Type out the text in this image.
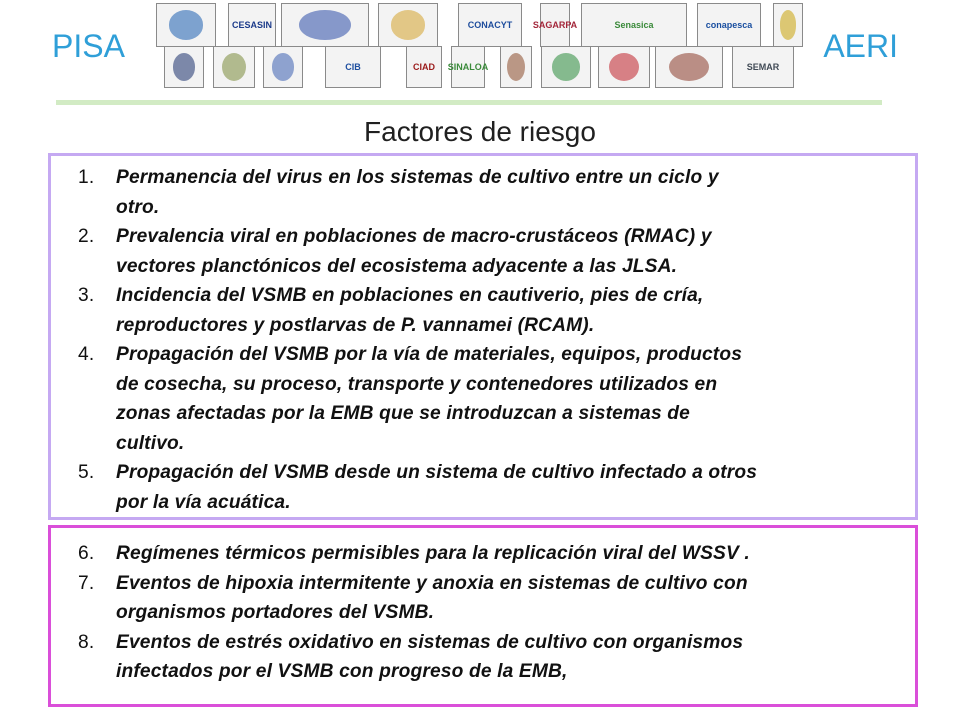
PISA	AERI
CESASIN	CONACYT SAGARPA	Senasica	conapesca
CIB	CIAD SINALOA	SEMAR
Factores de riesgo
1. Permanencia del virus en los sistemas de cultivo entre un ciclo y
otro.
2. Prevalencia viral en poblaciones de macro-crustáceos (RMAC) y
vectores planctónicos del ecosistema adyacente a las JLSA.
3. Incidencia del VSMB en poblaciones en cautiverio, pies de cría,
reproductores y postlarvas de P. vannamei (RCAM).
4. Propagación del VSMB por la vía de materiales, equipos, productos
de cosecha, su proceso, transporte y contenedores utilizados en
zonas afectadas por la EMB que se introduzcan a sistemas de
cultivo.
5. Propagación del VSMB desde un sistema de cultivo infectado a otros
por la vía acuática.
6. Regímenes térmicos permisibles para la replicación viral del WSSV .
7. Eventos de hipoxia intermitente y anoxia en sistemas de cultivo con
organismos portadores del VSMB.
8. Eventos de estrés oxidativo en sistemas de cultivo con organismos
infectados por el VSMB con progreso de la EMB,
